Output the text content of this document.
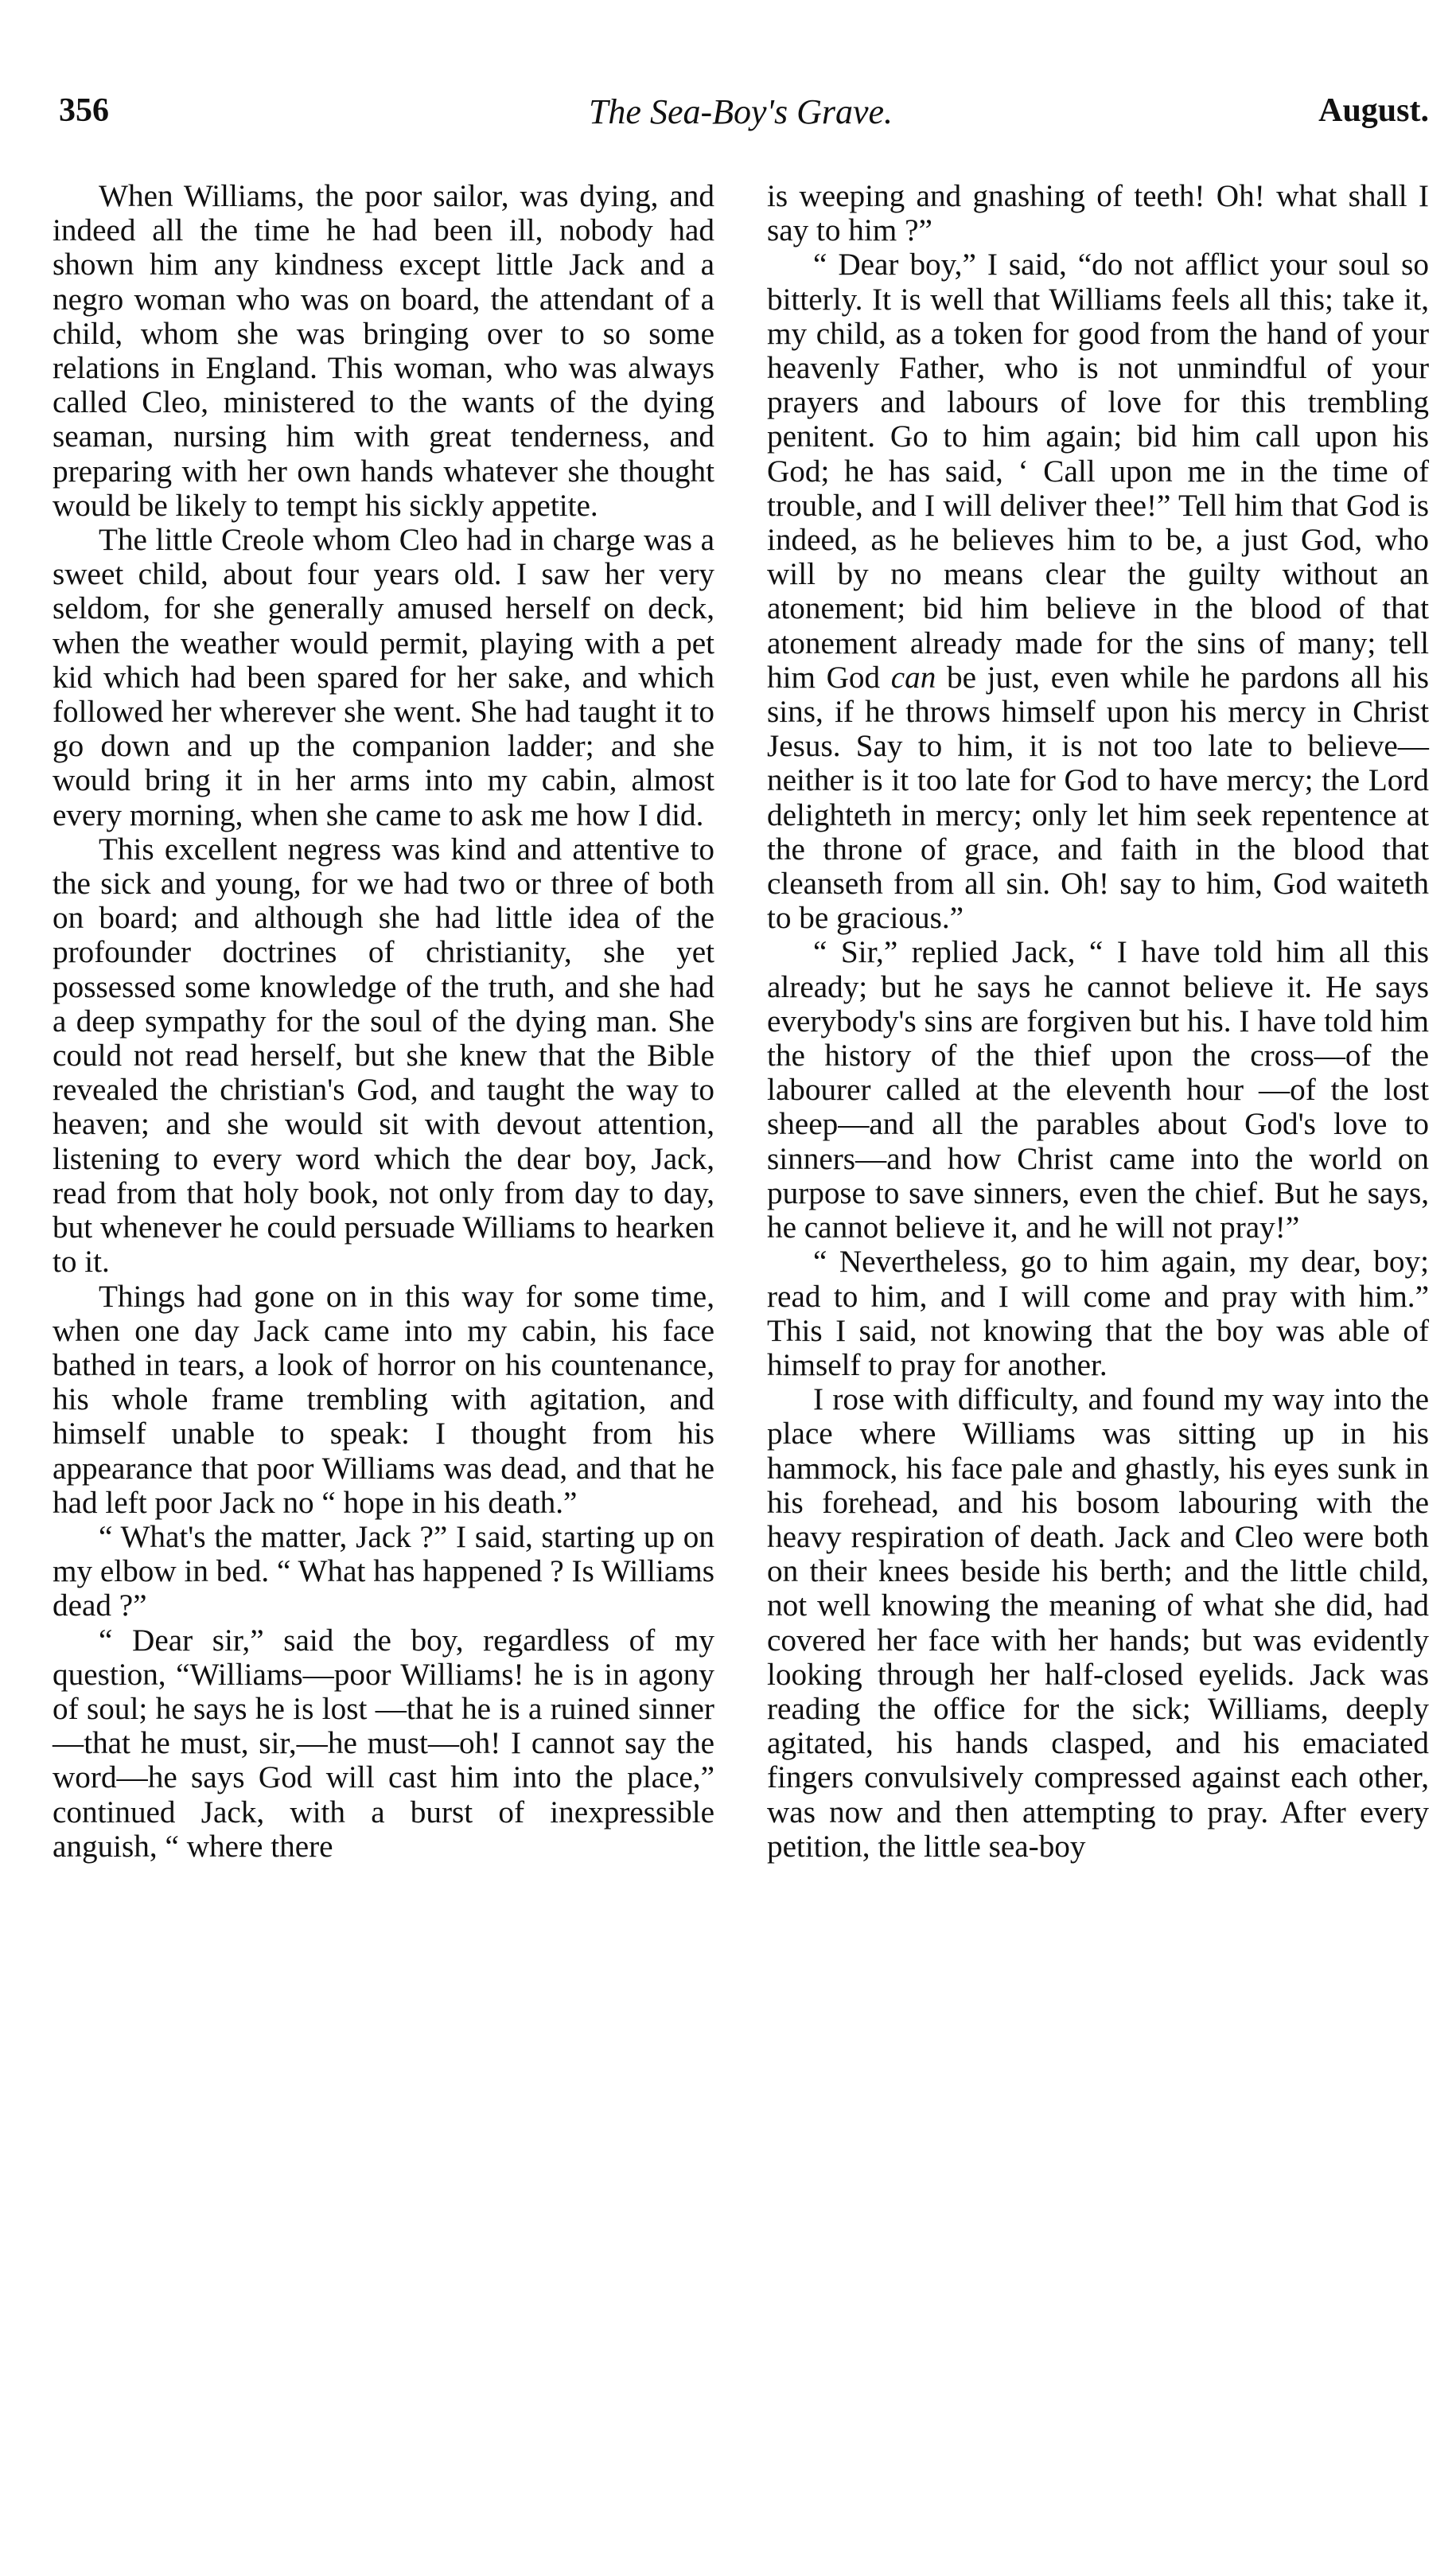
356	The Sea-Boy's Grave.	August.

When Williams, the poor sailor, was dying, and indeed all the time he had been ill, nobody had shown him any kindness except little Jack and a negro woman who was on board, the attendant of a child, whom she was bringing over to so some relations in England. This woman, who was always called Cleo, ministered to the wants of the dying seaman, nursing him with great tenderness, and preparing with her own hands whatever she thought would be likely to tempt his sickly appetite.

The little Creole whom Cleo had in charge was a sweet child, about four years old. I saw her very seldom, for she generally amused herself on deck, when the weather would permit, playing with a pet kid which had been spared for her sake, and which followed her wherever she went. She had taught it to go down and up the companion ladder; and she would bring it in her arms into my cabin, almost every morning, when she came to ask me how I did.

This excellent negress was kind and attentive to the sick and young, for we had two or three of both on board; and although she had little idea of the profounder doctrines of christianity, she yet possessed some knowledge of the truth, and she had a deep sympathy for the soul of the dying man. She could not read herself, but she knew that the Bible revealed the christian's God, and taught the way to heaven; and she would sit with devout attention, listening to every word which the dear boy, Jack, read from that holy book, not only from day to day, but whenever he could persuade Williams to hearken to it.

Things had gone on in this way for some time, when one day Jack came into my cabin, his face bathed in tears, a look of horror on his countenance, his whole frame trembling with agitation, and himself unable to speak: I thought from his appearance that poor Williams was dead, and that he had left poor Jack no “ hope in his death.”

“ What's the matter, Jack ?” I said, starting up on my elbow in bed. “ What has happened ? Is Williams dead ?”

“ Dear sir,” said the boy, regardless of my question, “Williams—poor Williams! he is in agony of soul; he says he is lost —that he is a ruined sinner—that he must, sir,—he must—oh! I cannot say the word—he says God will cast him into the place,” continued Jack, with a burst of inexpressible anguish, “ where there

is weeping and gnashing of teeth! Oh! what shall I say to him ?”

“ Dear boy,” I said, “do not afflict your soul so bitterly. It is well that Williams feels all this; take it, my child, as a token for good from the hand of your heavenly Father, who is not unmindful of your prayers and labours of love for this trembling penitent. Go to him again; bid him call upon his God; he has said, ‘ Call upon me in the time of trouble, and I will deliver thee!” Tell him that God is indeed, as he believes him to be, a just God, who will by no means clear the guilty without an atonement; bid him believe in the blood of that atonement already made for the sins of many; tell him God can be just, even while he pardons all his sins, if he throws himself upon his mercy in Christ Jesus. Say to him, it is not too late to believe—neither is it too late for God to have mercy; the Lord delighteth in mercy; only let him seek repentence at the throne of grace, and faith in the blood that cleanseth from all sin. Oh! say to him, God waiteth to be gracious.”

“ Sir,” replied Jack, “ I have told him all this already; but he says he cannot believe it. He says everybody's sins are forgiven but his. I have told him the history of the thief upon the cross—of the labourer called at the eleventh hour —of the lost sheep—and all the parables about God's love to sinners—and how Christ came into the world on purpose to save sinners, even the chief. But he says, he cannot believe it, and he will not pray!”

“ Nevertheless, go to him again, my dear, boy; read to him, and I will come and pray with him.” This I said, not knowing that the boy was able of himself to pray for another.

I rose with difficulty, and found my way into the place where Williams was sitting up in his hammock, his face pale and ghastly, his eyes sunk in his forehead, and his bosom labouring with the heavy respiration of death. Jack and Cleo were both on their knees beside his berth; and the little child, not well knowing the meaning of what she did, had covered her face with her hands; but was evidently looking through her half-closed eyelids. Jack was reading the office for the sick; Williams, deeply agitated, his hands clasped, and his emaciated fingers convulsively compressed against each other, was now and then attempting to pray. After every petition, the little sea-boy
